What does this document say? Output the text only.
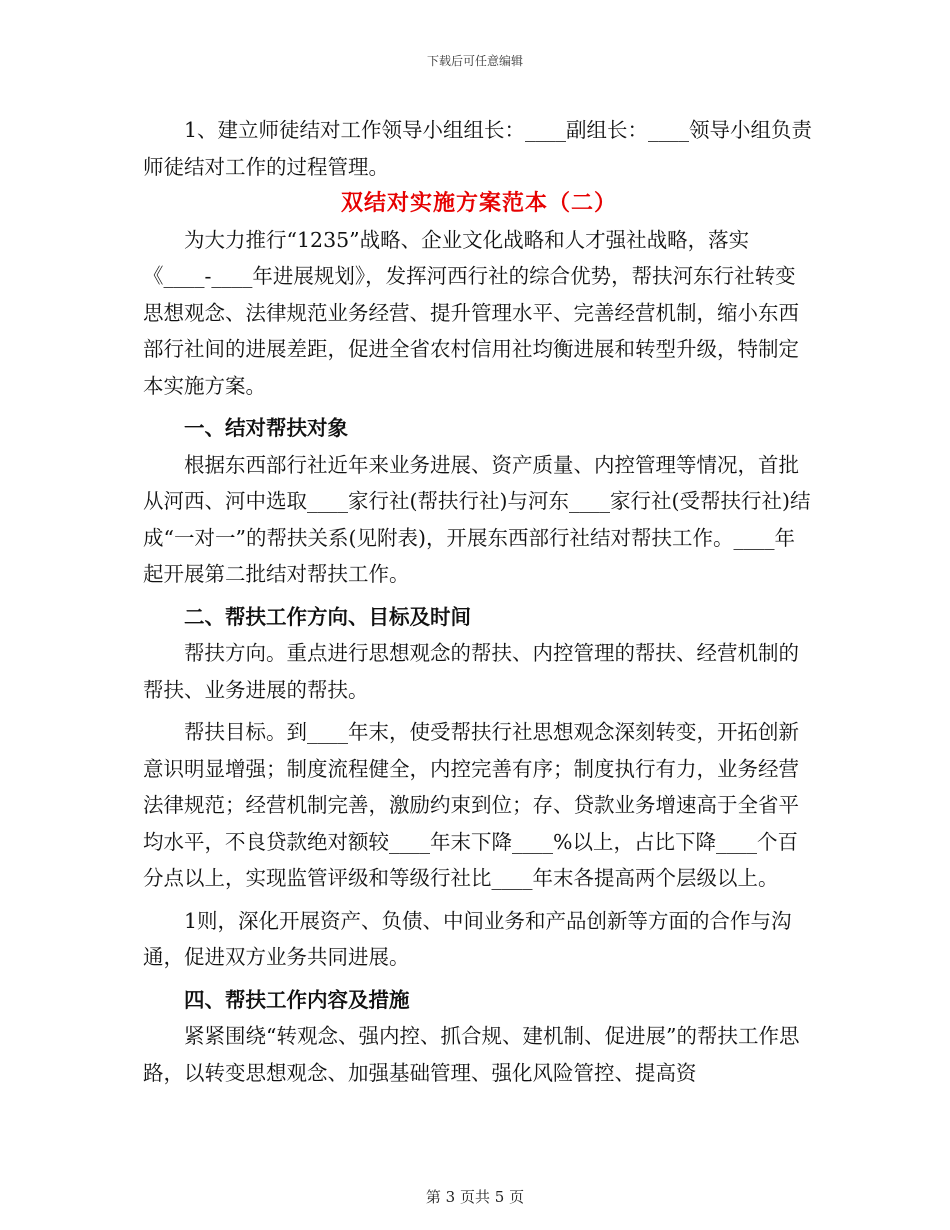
下载后可任意编辑

1、建立师徒结对工作领导小组组长：____副组长：____领导小组负责师徒结对工作的过程管理。

双结对实施方案范本（二）

为大力推行“1235”战略、企业文化战略和人才强社战略，落实《____-____年进展规划》，发挥河西行社的综合优势，帮扶河东行社转变思想观念、法律规范业务经营、提升管理水平、完善经营机制，缩小东西部行社间的进展差距，促进全省农村信用社均衡进展和转型升级，特制定本实施方案。

一、结对帮扶对象

根据东西部行社近年来业务进展、资产质量、内控管理等情况，首批从河西、河中选取____家行社(帮扶行社)与河东____家行社(受帮扶行社)结成“一对一”的帮扶关系(见附表)，开展东西部行社结对帮扶工作。____年起开展第二批结对帮扶工作。

二、帮扶工作方向、目标及时间

帮扶方向。重点进行思想观念的帮扶、内控管理的帮扶、经营机制的帮扶、业务进展的帮扶。

帮扶目标。到____年末，使受帮扶行社思想观念深刻转变，开拓创新意识明显增强；制度流程健全，内控完善有序；制度执行有力，业务经营法律规范；经营机制完善，激励约束到位；存、贷款业务增速高于全省平均水平，不良贷款绝对额较____年末下降____%以上，占比下降____个百分点以上，实现监管评级和等级行社比____年末各提高两个层级以上。

1则，深化开展资产、负债、中间业务和产品创新等方面的合作与沟通，促进双方业务共同进展。

四、帮扶工作内容及措施

紧紧围绕“转观念、强内控、抓合规、建机制、促进展”的帮扶工作思路，以转变思想观念、加强基础管理、强化风险管控、提高资

第 3 页共 5 页
